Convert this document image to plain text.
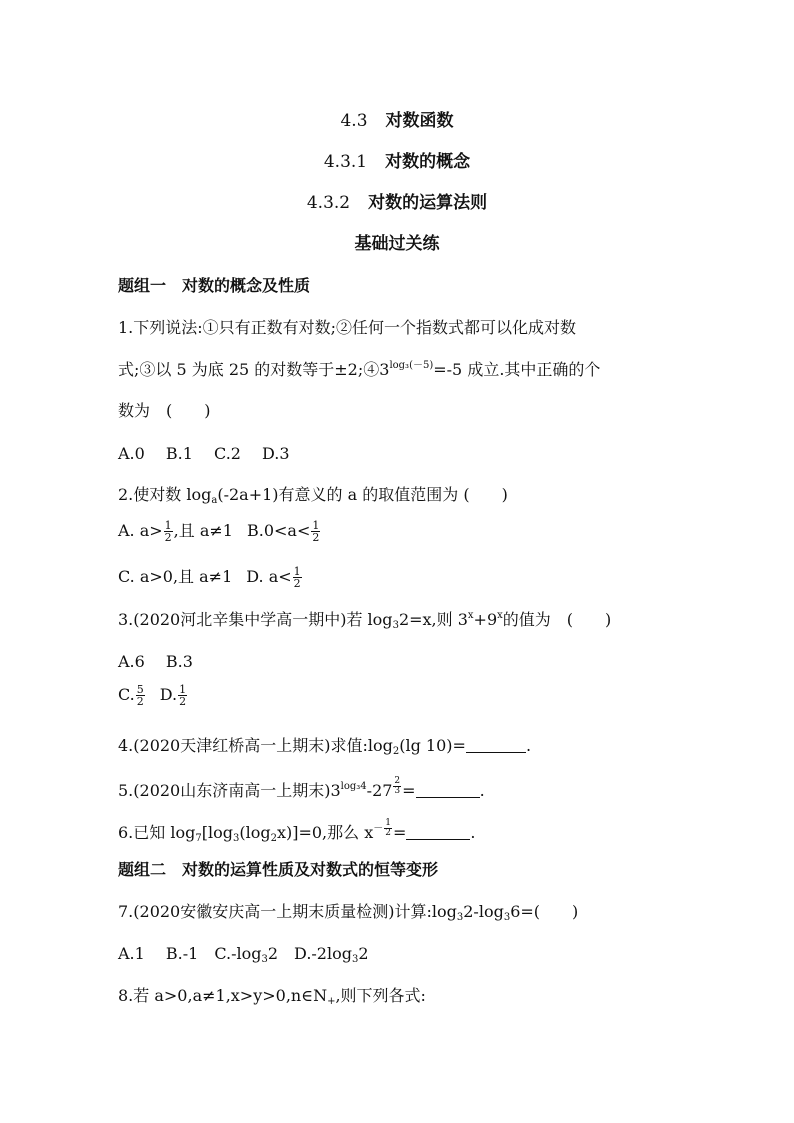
4.3 对数函数
4.3.1 对数的概念
4.3.2 对数的运算法则
基础过关练
题组一　对数的概念及性质
1.下列说法:①只有正数有对数;②任何一个指数式都可以化成对数
式;③以 5 为底 25 的对数等于$\pm 2;④3^{log_3(-5)}=-5$ 成立.其中正确的个
数为　(　　)
A.0　 B.1　 C.2　 D.3
2.使对数 $\log_a(-2a+1)$有意义的 a 的取值范围为 (　　)
A. $a> \frac{1}{2}$ ,且 a≠1 $B.0<a< \frac{1}{2}$
C. a>0,且 a≠1 D. $a< \frac{1}{2}$
3.(2020河北辛集中学高一期中)若 $\log_32=x$,则 $3^x+9^x$的值为　(　　)
A.6　 B.3
C. $\frac{5}{2} D$. $\frac{1}{2}$
4.(2020天津红桥高一上期末)求值$:\log_2(\lg$ 10)=	.
5.(2020山东济南高一上期末)$3^{log_34}-27$ $^{\frac{2}{3}}$ =	.
6.已知 $\log_7[\log_3(\log_2x)]=0$,那么 $x^{- \frac{1}{2}}$ =	.
题组二　对数的运算性质及对数式的恒等变形
7.(2020安徽安庆高一上期末质量检测)计算$:\log_32-\log_36=$(　　)
A.1　 B.-1　$C.-\log_32$　$D.-2\log_32$
8.若 $a>0,a\ne 1,x>y>0,n\in N_+$,则下列各式:
